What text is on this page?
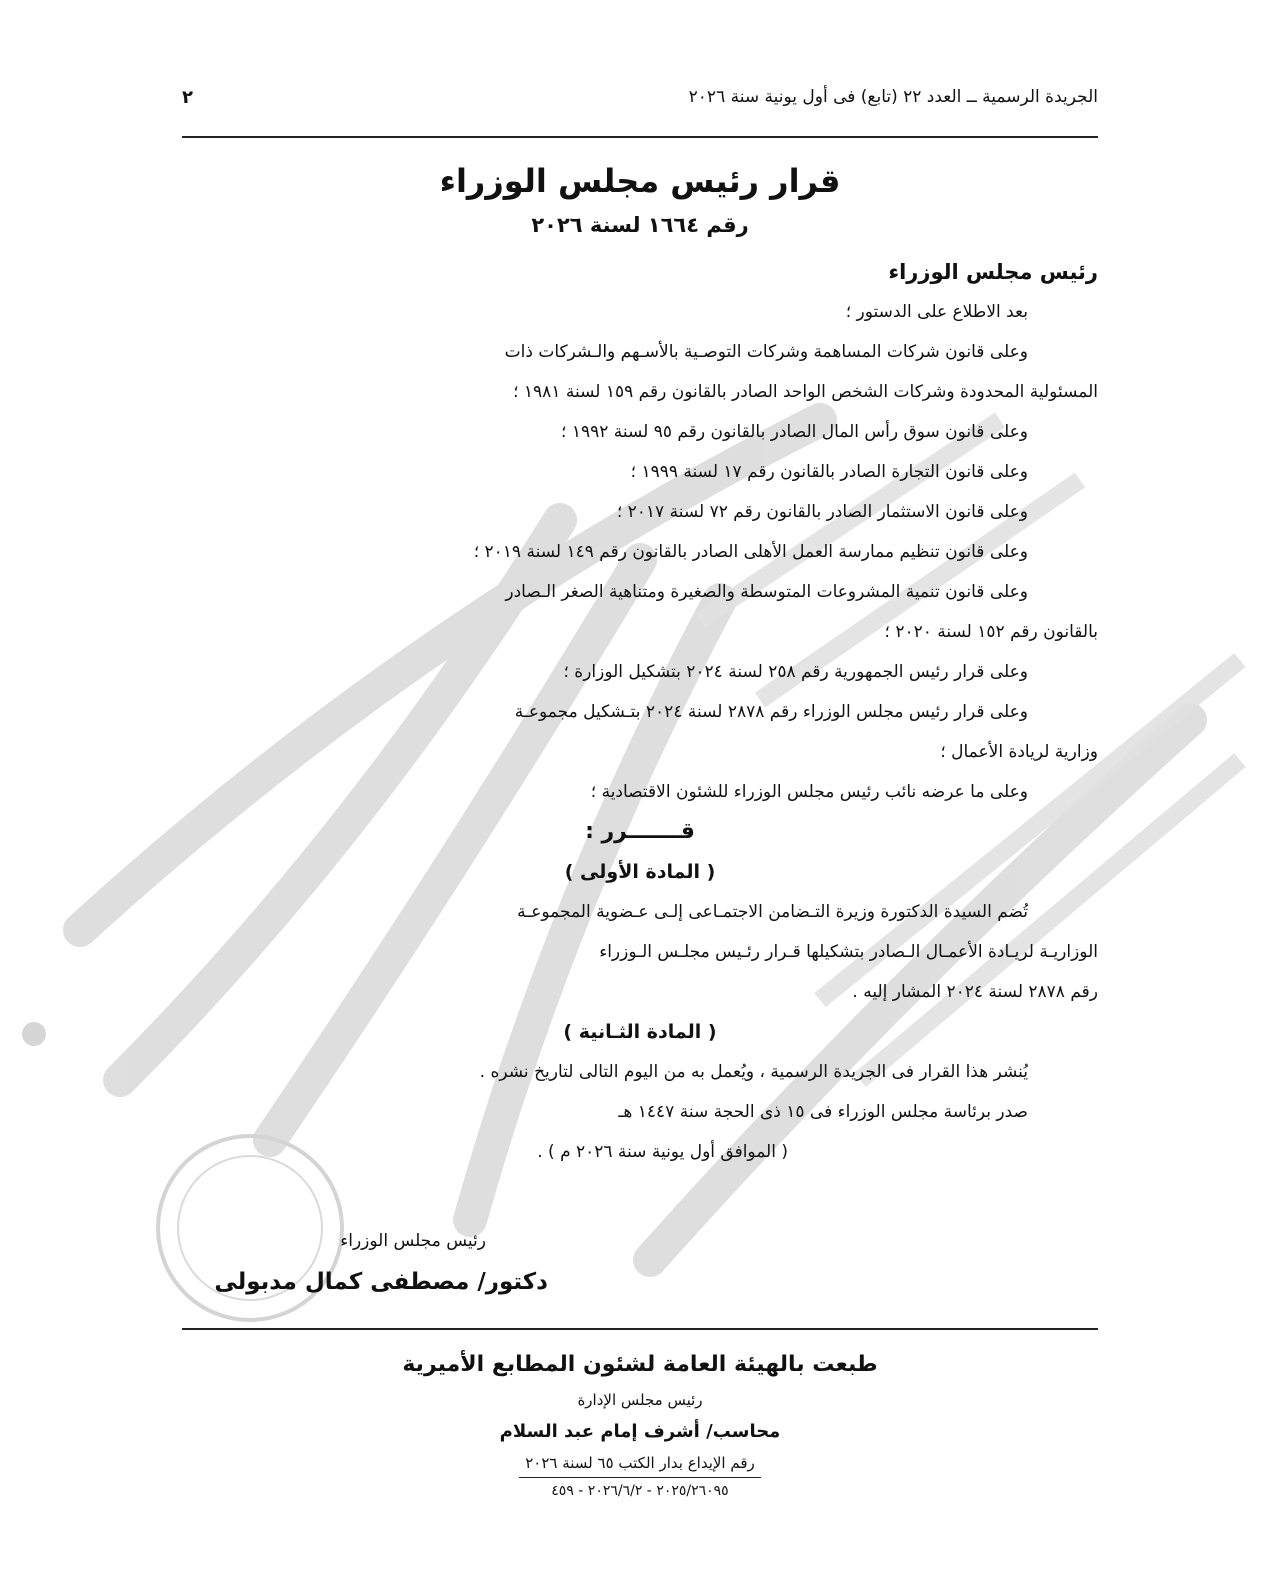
الجريدة الرسمية ــ العدد ٢٢ (تابع) فى أول يونية سنة ٢٠٢٦
٢
قرار رئيس مجلس الوزراء
رقم ١٦٦٤ لسنة ٢٠٢٦

رئيس مجلس الوزراء

بعد الاطلاع على الدستور ؛

وعلى قانون شركات المساهمة وشركات التوصـية بالأسـهم والـشركات ذات

المسئولية المحدودة وشركات الشخص الواحد الصادر بالقانون رقم ١٥٩ لسنة ١٩٨١ ؛

وعلى قانون سوق رأس المال الصادر بالقانون رقم ٩٥ لسنة ١٩٩٢ ؛

وعلى قانون التجارة الصادر بالقانون رقم ١٧ لسنة ١٩٩٩ ؛

وعلى قانون الاستثمار الصادر بالقانون رقم ٧٢ لسنة ٢٠١٧ ؛

وعلى قانون تنظيم ممارسة العمل الأهلى الصادر بالقانون رقم ١٤٩ لسنة ٢٠١٩ ؛

وعلى قانون تنمية المشروعات المتوسطة والصغيرة ومتناهية الصغر الـصادر

بالقانون رقم ١٥٢ لسنة ٢٠٢٠ ؛

وعلى قرار رئيس الجمهورية رقم ٢٥٨ لسنة ٢٠٢٤ بتشكيل الوزارة ؛

وعلى قرار رئيس مجلس الوزراء رقم ٢٨٧٨ لسنة ٢٠٢٤ بتـشكيل مجموعـة

وزارية لريادة الأعمال ؛

وعلى ما عرضه نائب رئيس مجلس الوزراء للشئون الاقتصادية ؛

قـــــــرر :

( المادة الأولى )

تُضم السيدة الدكتورة وزيرة التـضامن الاجتمـاعى إلـى عـضوية المجموعـة

الوزاريـة لريـادة الأعمـال الـصادر بتشكيلها قـرار رئـيس مجلـس الـوزراء

رقم ٢٨٧٨ لسنة ٢٠٢٤ المشار إليه .

( المادة الثـانية )

يُنشر هذا القرار فى الجريدة الرسمية ، ويُعمل به من اليوم التالى لتاريخ نشره .

صدر برئاسة مجلس الوزراء فى ١٥ ذى الحجة سنة ١٤٤٧ هـ

( الموافق أول يونية سنة ٢٠٢٦ م ) .

رئيس مجلس الوزراء
دكتور/ مصطفى كمال مدبولى
طبعت بالهيئة العامة لشئون المطابع الأميرية
رئيس مجلس الإدارة
محاسب/ أشرف إمام عبد السلام
رقم الإيداع بدار الكتب ٦٥ لسنة ٢٠٢٦
٢٠٢٥/٢٦٠٩٥ - ٢٠٢٦/٦/٢ - ٤٥٩
